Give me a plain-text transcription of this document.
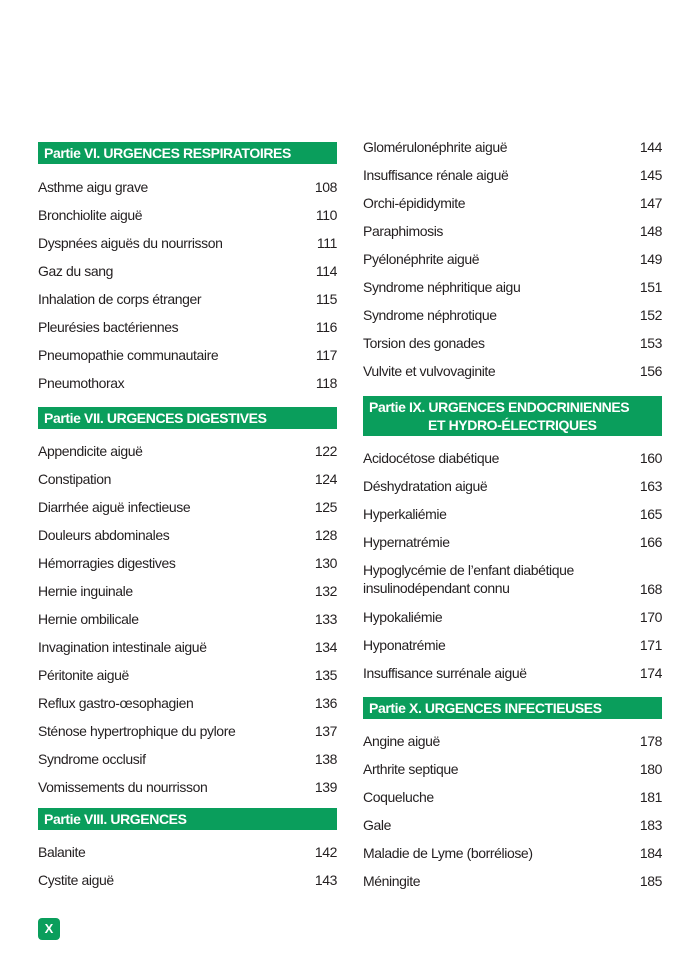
Partie VI. URGENCES RESPIRATOIRES
Asthme aigu grave	108
Bronchiolite aiguë	110
Dyspnées aiguës du nourrisson	111
Gaz du sang	114
Inhalation de corps étranger	115
Pleurésies bactériennes	116
Pneumopathie communautaire	117
Pneumothorax	118
Partie VII. URGENCES DIGESTIVES
Appendicite aiguë	122
Constipation	124
Diarrhée aiguë infectieuse	125
Douleurs abdominales	128
Hémorragies digestives	130
Hernie inguinale	132
Hernie ombilicale	133
Invagination intestinale aiguë	134
Péritonite aiguë	135
Reflux gastro-œsophagien	136
Sténose hypertrophique du pylore	137
Syndrome occlusif	138
Vomissements du nourrisson	139
Partie VIII. URGENCES URONÉPHROLOGIQUES
Balanite	142
Cystite aiguë	143
Glomérulonéphrite aiguë	144
Insuffisance rénale aiguë	145
Orchi-épididymite	147
Paraphimosis	148
Pyélonéphrite aiguë	149
Syndrome néphritique aigu	151
Syndrome néphrotique	152
Torsion des gonades	153
Vulvite et vulvovaginite	156
Partie IX. URGENCES ENDOCRINIENNES
ET HYDRO-ÉLECTRIQUES
Acidocétose diabétique	160
Déshydratation aiguë	163
Hyperkaliémie	165
Hypernatrémie	166
Hypoglycémie de l’enfant diabétique
insulinodépendant connu	168
Hypokaliémie	170
Hyponatrémie	171
Insuffisance surrénale aiguë	174
Partie X. URGENCES INFECTIEUSES
Angine aiguë	178
Arthrite septique	180
Coqueluche	181
Gale	183
Maladie de Lyme (borréliose)	184
Méningite	185
X
